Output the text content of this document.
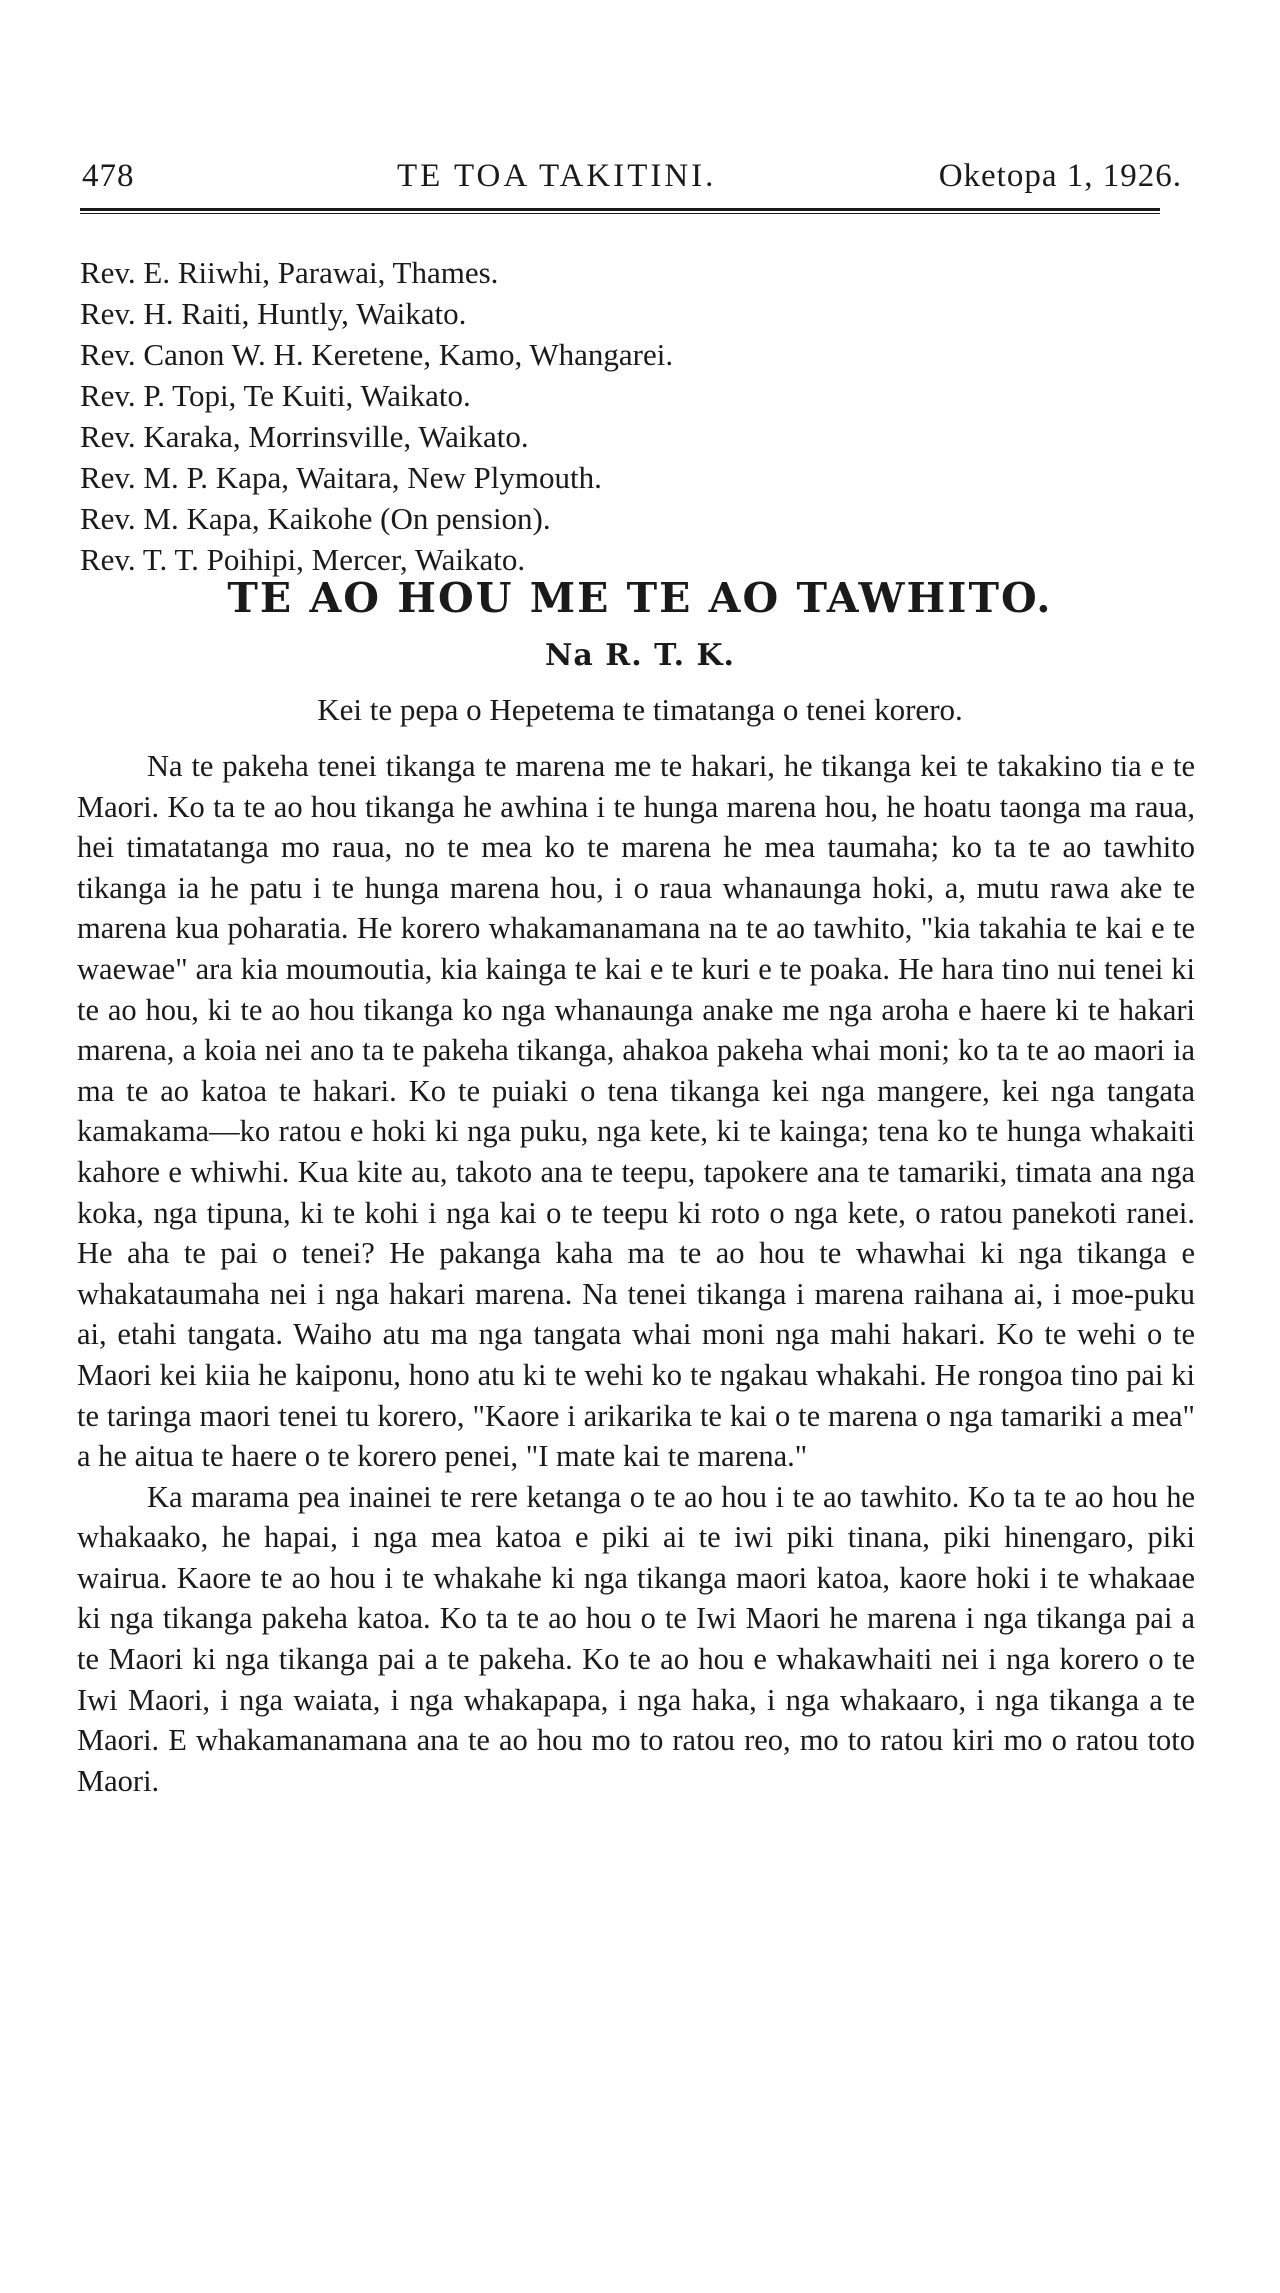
478	TE TOA TAKITINI.	Oketopa 1, 1926.
Rev. E. Riiwhi, Parawai, Thames.
Rev. H. Raiti, Huntly, Waikato.
Rev. Canon W. H. Keretene, Kamo, Whangarei.
Rev. P. Topi, Te Kuiti, Waikato.
Rev. Karaka, Morrinsville, Waikato.
Rev. M. P. Kapa, Waitara, New Plymouth.
Rev. M. Kapa, Kaikohe (On pension).
Rev. T. T. Poihipi, Mercer, Waikato.
TE AO HOU ME TE AO TAWHITO.
Na R. T. K.
Kei te pepa o Hepetema te timatanga o tenei korero.

Na te pakeha tenei tikanga te marena me te hakari, he tikanga kei te takakino tia e te Maori. Ko ta te ao hou tikanga he awhina i te hunga marena hou, he hoatu taonga ma raua, hei timatatanga mo raua, no te mea ko te marena he mea taumaha; ko ta te ao tawhito tikanga ia he patu i te hunga marena hou, i o raua whanaunga hoki, a, mutu rawa ake te marena kua poharatia. He korero whakamanamana na te ao tawhito, "kia takahia te kai e te waewae" ara kia moumoutia, kia kainga te kai e te kuri e te poaka. He hara tino nui tenei ki te ao hou, ki te ao hou tikanga ko nga whanaunga anake me nga aroha e haere ki te hakari marena, a koia nei ano ta te pakeha tikanga, ahakoa pakeha whai moni; ko ta te ao maori ia ma te ao katoa te hakari. Ko te puiaki o tena tikanga kei nga mangere, kei nga tangata kamakama—ko ratou e hoki ki nga puku, nga kete, ki te kainga; tena ko te hunga whakaiti kahore e whiwhi. Kua kite au, takoto ana te teepu, tapokere ana te tamariki, timata ana nga koka, nga tipuna, ki te kohi i nga kai o te teepu ki roto o nga kete, o ratou panekoti ranei. He aha te pai o tenei? He pakanga kaha ma te ao hou te whawhai ki nga tikanga e whakataumaha nei i nga hakari marena. Na tenei tikanga i marena raihana ai, i moe-puku ai, etahi tangata. Waiho atu ma nga tangata whai moni nga mahi hakari. Ko te wehi o te Maori kei kiia he kaiponu, hono atu ki te wehi ko te ngakau whakahi. He rongoa tino pai ki te taringa maori tenei tu korero, "Kaore i arikarika te kai o te marena o nga tamariki a mea" a he aitua te haere o te korero penei, "I mate kai te marena."

Ka marama pea inainei te rere ketanga o te ao hou i te ao tawhito. Ko ta te ao hou he whakaako, he hapai, i nga mea katoa e piki ai te iwi piki tinana, piki hinengaro, piki wairua. Kaore te ao hou i te whakahe ki nga tikanga maori katoa, kaore hoki i te whakaae ki nga tikanga pakeha katoa. Ko ta te ao hou o te Iwi Maori he marena i nga tikanga pai a te Maori ki nga tikanga pai a te pakeha. Ko te ao hou e whakawhaiti nei i nga korero o te Iwi Maori, i nga waiata, i nga whakapapa, i nga haka, i nga whakaaro, i nga tikanga a te Maori. E whakamanamana ana te ao hou mo to ratou reo, mo to ratou kiri mo o ratou toto Maori.
